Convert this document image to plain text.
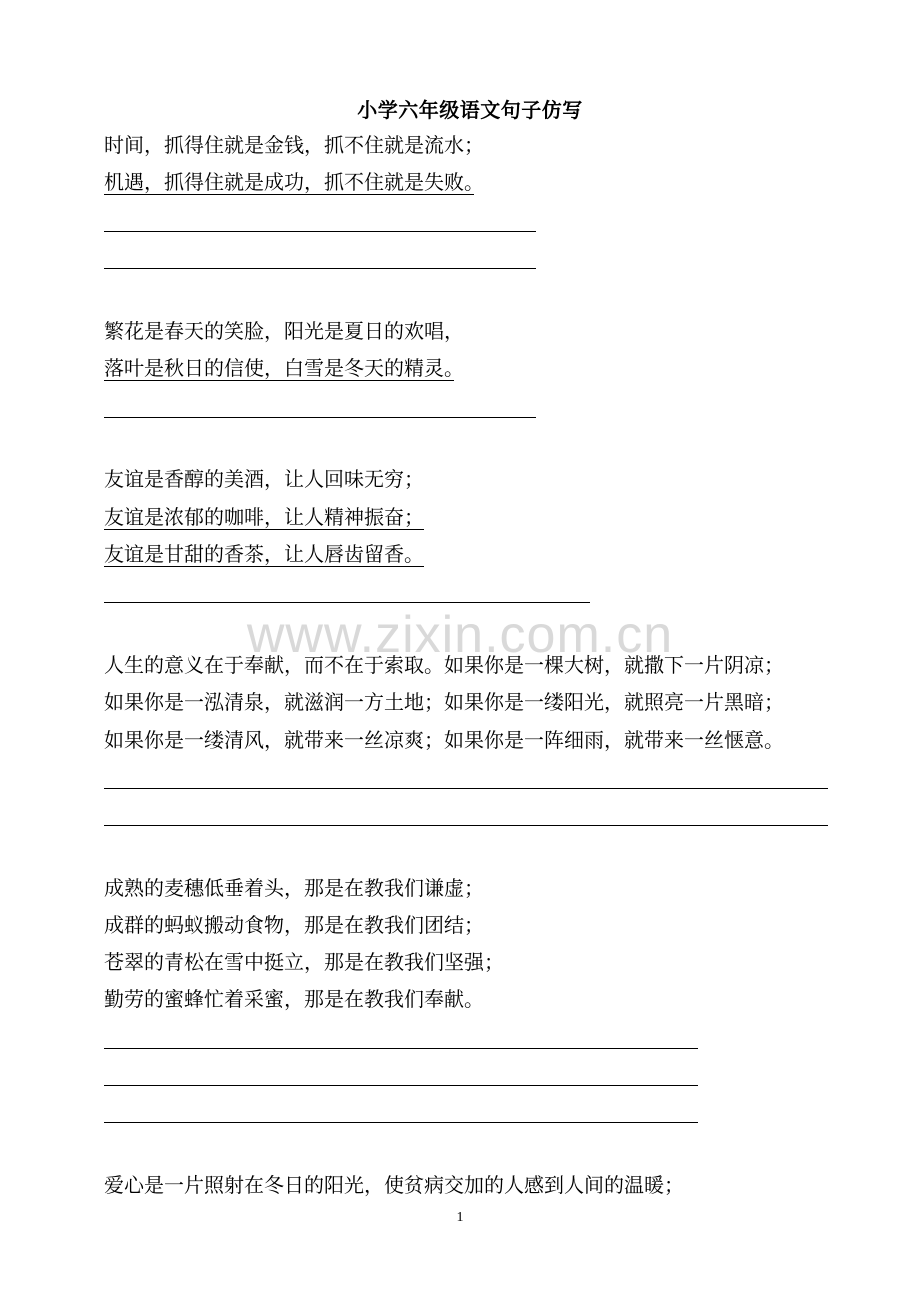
小学六年级语文句子仿写
www.zixin.com.cn
时间，抓得住就是金钱，抓不住就是流水；
机遇，抓得住就是成功，抓不住就是失败。　
繁花是春天的笑脸，阳光是夏日的欢唱，
落叶是秋日的信使，白雪是冬天的精灵。　
友谊是香醇的美酒，让人回味无穷；
友谊是浓郁的咖啡，让人精神振奋；
友谊是甘甜的香茶，让人唇齿留香。
人生的意义在于奉献，而不在于索取。如果你是一棵大树，就撒下一片阴凉；
如果你是一泓清泉，就滋润一方土地；如果你是一缕阳光，就照亮一片黑暗；
如果你是一缕清风，就带来一丝凉爽；如果你是一阵细雨，就带来一丝惬意。
成熟的麦穗低垂着头，那是在教我们谦虚；
成群的蚂蚁搬动食物，那是在教我们团结；
苍翠的青松在雪中挺立，那是在教我们坚强；
勤劳的蜜蜂忙着采蜜，那是在教我们奉献。
爱心是一片照射在冬日的阳光，使贫病交加的人感到人间的温暖；
1
